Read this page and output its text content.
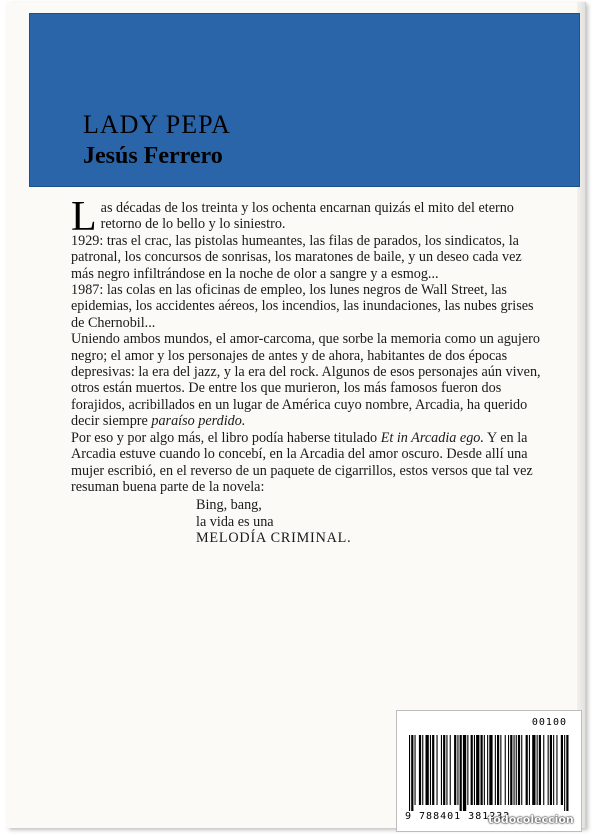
LADY PEPA
Jesús Ferrero

Las décadas de los treinta y los ochenta encarnan quizás el mito del eterno retorno de lo bello y lo siniestro.

1929: tras el crac, las pistolas humeantes, las filas de parados, los sindicatos, la patronal, los concursos de sonrisas, los maratones de baile, y un deseo cada vez más negro infiltrándose en la noche de olor a sangre y a esmog...

1987: las colas en las oficinas de empleo, los lunes negros de Wall Street, las epidemias, los accidentes aéreos, los incendios, las inundaciones, las nubes grises de Chernobil...

Uniendo ambos mundos, el amor-carcoma, que sorbe la memoria como un agujero negro; el amor y los personajes de antes y de ahora, habitantes de dos épocas depresivas: la era del jazz, y la era del rock. Algunos de esos personajes aún viven, otros están muertos. De entre los que murieron, los más famosos fueron dos forajidos, acribillados en un lugar de América cuyo nombre, Arcadia, ha querido decir siempre paraíso perdido.

Por eso y por algo más, el libro podía haberse titulado Et in Arcadia ego. Y en la Arcadia estuve cuando lo concebí, en la Arcadia del amor oscuro. Desde allí una mujer escribió, en el reverso de un paquete de cigarrillos, estos versos que tal vez resuman buena parte de la novela:

Bing, bang,
la vida es una
MELODÍA CRIMINAL.

00100
9 788401 381232
todocoleccion
